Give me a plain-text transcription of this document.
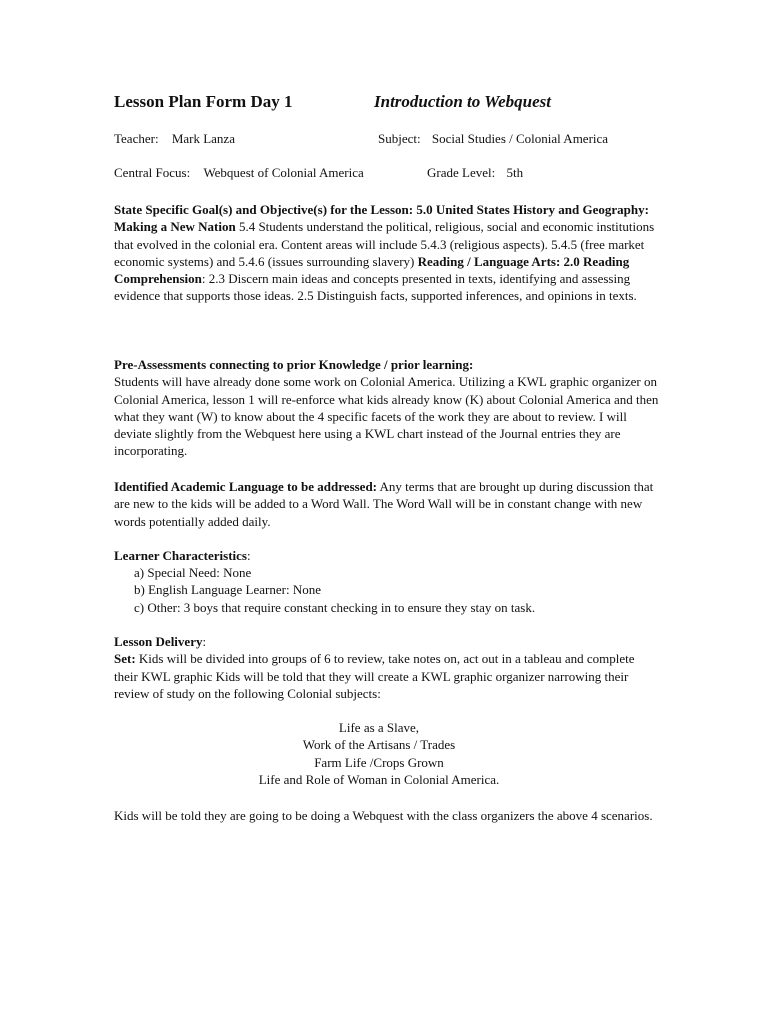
Lesson Plan Form Day 1	Introduction to Webquest
Teacher: Mark Lanza	Subject: Social Studies / Colonial America
Central Focus: Webquest of Colonial America	Grade Level: 5th
State Specific Goal(s) and Objective(s) for the Lesson: 5.0 United States History and Geography: Making a New Nation 5.4 Students understand the political, religious, social and economic institutions that evolved in the colonial era. Content areas will include 5.4.3 (religious aspects). 5.4.5 (free market economic systems) and 5.4.6 (issues surrounding slavery) Reading / Language Arts: 2.0 Reading Comprehension: 2.3 Discern main ideas and concepts presented in texts, identifying and assessing evidence that supports those ideas. 2.5 Distinguish facts, supported inferences, and opinions in texts.
Pre-Assessments connecting to prior Knowledge / prior learning:
Students will have already done some work on Colonial America. Utilizing a KWL graphic organizer on Colonial America, lesson 1 will re-enforce what kids already know (K) about Colonial America and then what they want (W) to know about the 4 specific facets of the work they are about to review. I will deviate slightly from the Webquest here using a KWL chart instead of the Journal entries they are incorporating.
Identified Academic Language to be addressed: Any terms that are brought up during discussion that are new to the kids will be added to a Word Wall. The Word Wall will be in constant change with new words potentially added daily.
Learner Characteristics:
a) Special Need: None
b) English Language Learner: None
c) Other: 3 boys that require constant checking in to ensure they stay on task.
Lesson Delivery:
Set: Kids will be divided into groups of 6 to review, take notes on, act out in a tableau and complete their KWL graphic Kids will be told that they will create a KWL graphic organizer narrowing their review of study on the following Colonial subjects:
Life as a Slave,
Work of the Artisans / Trades
Farm Life /Crops Grown
Life and Role of Woman in Colonial America.
Kids will be told they are going to be doing a Webquest with the class organizers the above 4 scenarios.
